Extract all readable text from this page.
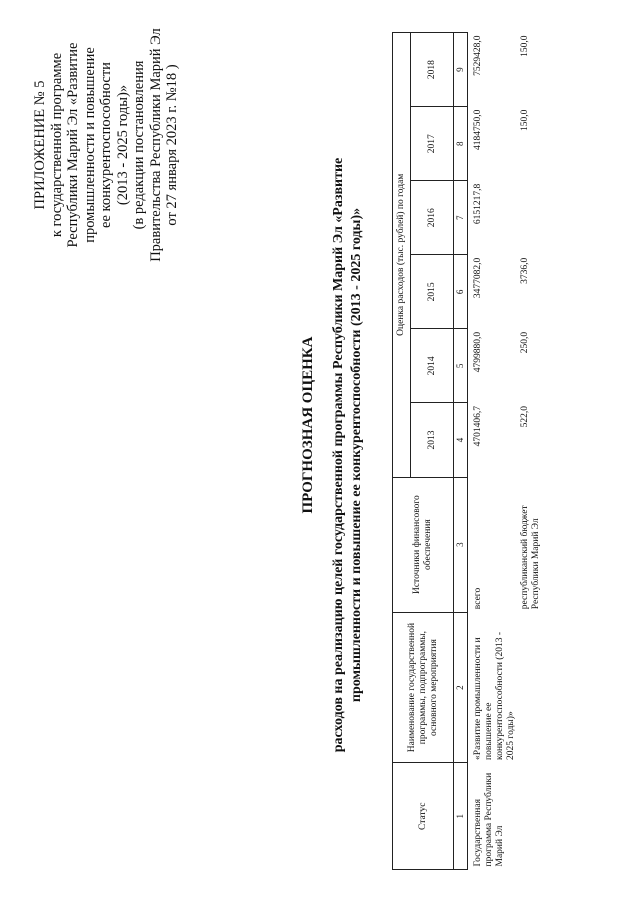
ПРИЛОЖЕНИЕ № 5 к государственной программе Республики Марий Эл «Развитие промышленности и повышение ее конкурентоспособности (2013 - 2025 годы)» (в редакции постановления Правительства Республики Марий Эл от 27 января 2023 г. №18 )
ПРОГНОЗНАЯ ОЦЕНКА расходов на реализацию целей государственной программы Республики Марий Эл «Развитие промышленности и повышение ее конкурентоспособности (2013 - 2025 годы)»
Статус	Наименование государственной программы, подпрограммы, основного мероприятия	Источники финансового обеспечения	Оценка расходов (тыс. рублей) по годам					
			2013	2014	2015	2016	2017	2018
1	2	3	4	5	6	7	8	9
Государственная программа Республики Марий Эл	«Развитие промышленности и повышение ее конкурентоспособности (2013 - 2025 годы)»	всего	4701406,7	4799880,0	3477082,0	6151217,8	4184750,0	7529428,0
		республиканский бюджет Республики Марий Эл	522,0	250,0	3736,0		150,0	150,0
